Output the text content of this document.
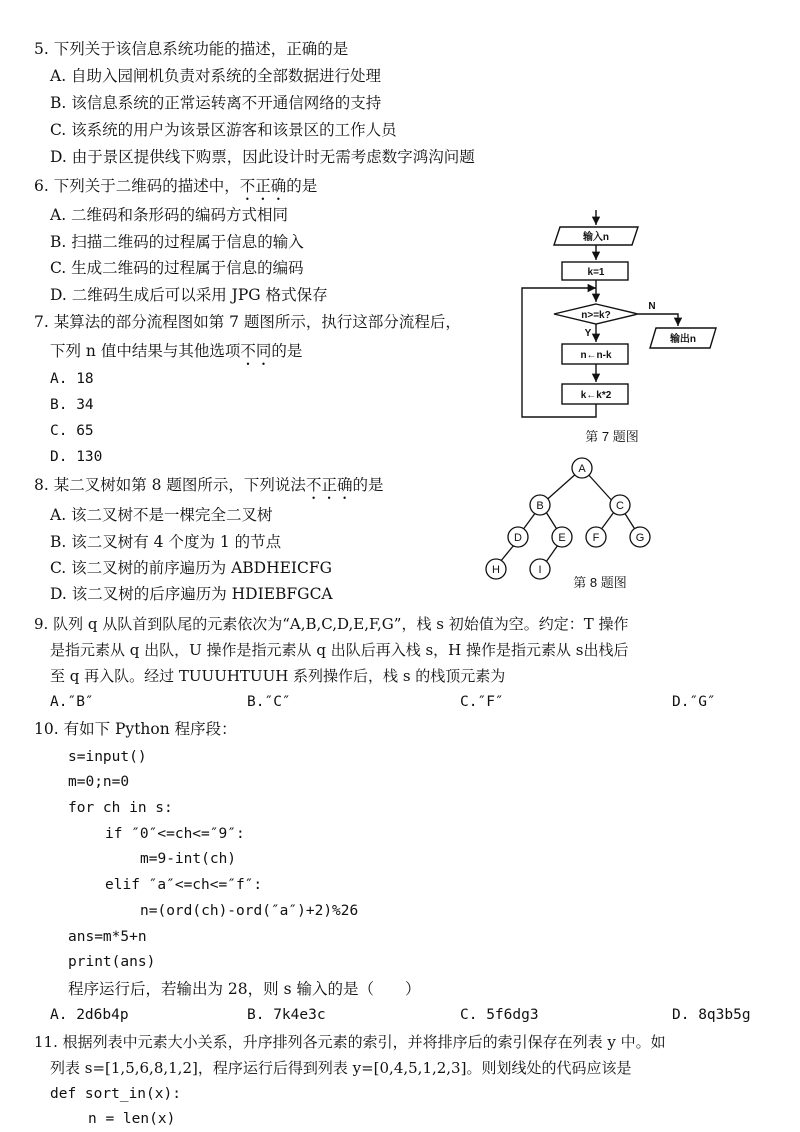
5. 下列关于该信息系统功能的描述，正确的是
A. 自助入园闸机负责对系统的全部数据进行处理
B. 该信息系统的正常运转离不开通信网络的支持
C. 该系统的用户为该景区游客和该景区的工作人员
D. 由于景区提供线下购票，因此设计时无需考虑数字鸿沟问题
6. 下列关于二维码的描述中，不正确的是
A. 二维码和条形码的编码方式相同
B. 扫描二维码的过程属于信息的输入
C. 生成二维码的过程属于信息的编码
D. 二维码生成后可以采用 JPG 格式保存
7. 某算法的部分流程图如第 7 题图所示，执行这部分流程后，
下列 n 值中结果与其他选项不同的是
A. 18
B. 34
C. 65
D. 130
输入n
k=1
n>=k?
Y
N
n←n-k
k←k*2
输出n
第 7 题图
8. 某二叉树如第 8 题图所示，下列说法不正确的是
A. 该二叉树不是一棵完全二叉树
B. 该二叉树有 4 个度为 1 的节点
C. 该二叉树的前序遍历为 ABDHEICFG
D. 该二叉树的后序遍历为 HDIEBFGCA
A
B	C
D	E F	G
H	I
第 8 题图
9. 队列 q 从队首到队尾的元素依次为“A,B,C,D,E,F,G”，栈 s 初始值为空。约定：T 操作
是指元素从 q 出队，U 操作是指元素从 q 出队后再入栈 s，H 操作是指元素从 s出栈后
至 q 再入队。经过 TUUUHTUUH 系列操作后，栈 s 的栈顶元素为
A.″B″	B.″C″	C.″F″	D.″G″
10. 有如下 Python 程序段：
s=input()
m=0;n=0
for ch in s:
if ″0″<=ch<=″9″:
m=9-int(ch)
elif ″a″<=ch<=″f″:
n=(ord(ch)-ord(″a″)+2)%26
ans=m*5+n
print(ans)
程序运行后，若输出为 28，则 s 输入的是（　　）
A. 2d6b4p	B. 7k4e3c	C. 5f6dg3	D. 8q3b5g
11. 根据列表中元素大小关系，升序排列各元素的索引，并将排序后的索引保存在列表 y 中。如
列表 s=[1,5,6,8,1,2]，程序运行后得到列表 y=[0,4,5,1,2,3]。则划线处的代码应该是
def sort_in(x):
n = len(x)
